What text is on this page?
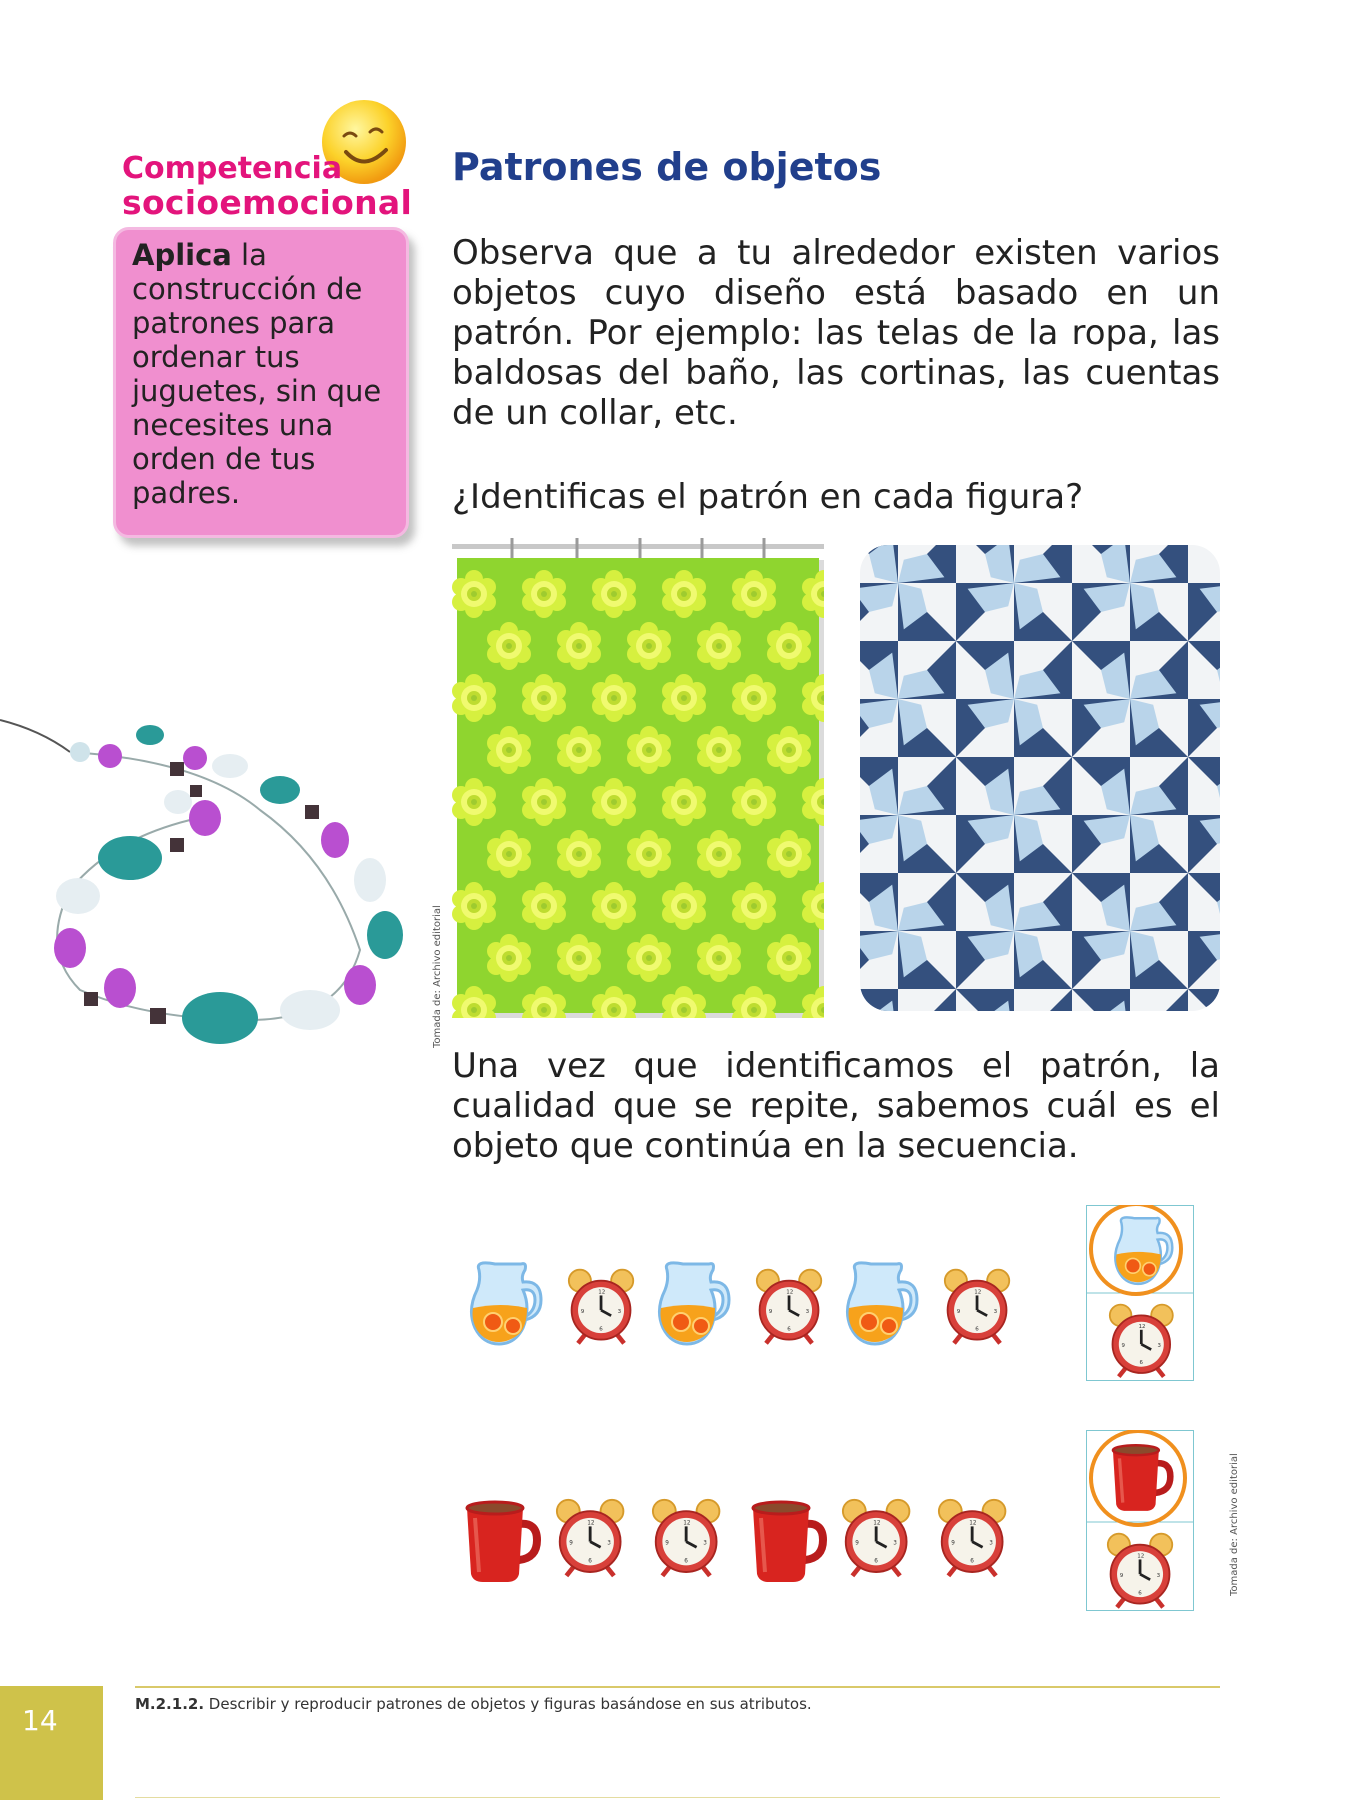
Competencia
socioemocional
Aplica la construcción de patrones para ordenar tus juguetes, sin que necesites una orden de tus padres.
Patrones de objetos
Observa que a tu alrededor existen varios objetos cuyo diseño está basado en un patrón. Por ejemplo: las telas de la ropa, las baldosas del baño, las cortinas, las cuentas de un collar, etc.
¿Identificas el patrón en cada figura?
Tomada de: Archivo editorial
Una vez que identificamos el patrón, la cualidad que se repite, sabemos cuál es el objeto que continúa en la secuencia.
Tomada de: Archivo editorial
14	M.2.1.2. Describir y reproducir patrones de objetos y figuras basándose en sus atributos.
